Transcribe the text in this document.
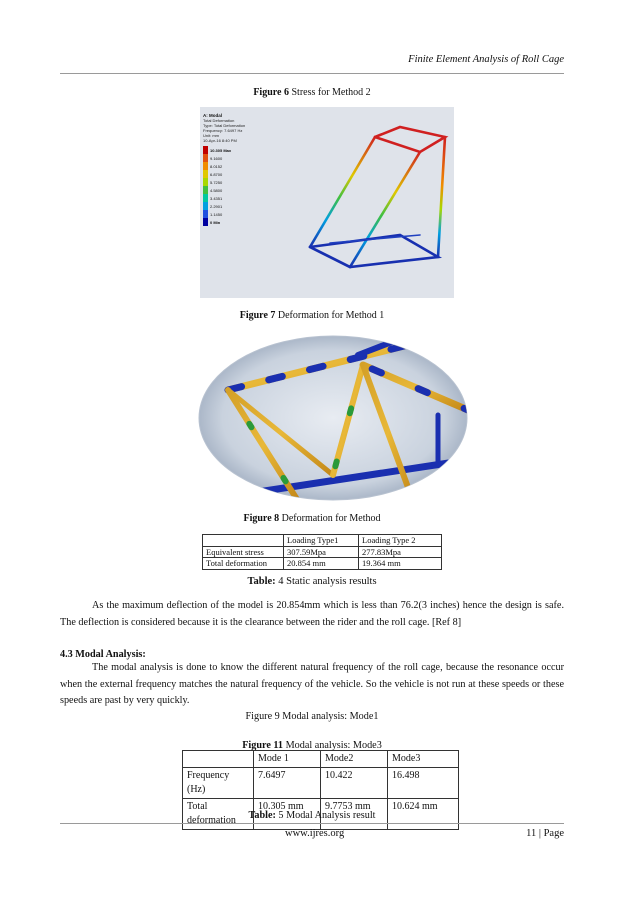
Finite Element Analysis of Roll Cage
Figure 6 Stress for Method 2
A: Modal
Total Deformation
Type: Total Deformation
Frequency: 7.6497 Hz
Unit: mm
10-Apr-16 8:40 PM
10.305 Max
9.1600
8.0152
6.8700
5.7250
4.5800
3.4351
2.2901
1.1450
0 Min
Figure 7 Deformation for Method 1
Figure 8 Deformation for Method
	Loading Type1	Loading Type 2
Equivalent stress	307.59Mpa	277.83Mpa
Total deformation	20.854 mm	19.364 mm
Table: 4 Static analysis results
As the maximum deflection of the model is 20.854mm which is less than 76.2(3 inches) hence the design is safe. The deflection is considered because it is the clearance between the rider and the roll cage. [Ref 8]
4.3 Modal Analysis:
The modal analysis is done to know the different natural frequency of the roll cage, because the resonance occur when the external frequency matches the natural frequency of the vehicle. So the vehicle is not run at these speeds or these speeds are past by very quickly.
Figure 9 Modal analysis: Mode1
Figure 11 Modal analysis: Mode3
	Mode 1	Mode2	Mode3
Frequency (Hz)	7.6497	10.422	16.498
Total deformation	10.305 mm	9.7753 mm	10.624 mm
Table: 5 Modal Analysis result
www.ijres.org	11 | Page
